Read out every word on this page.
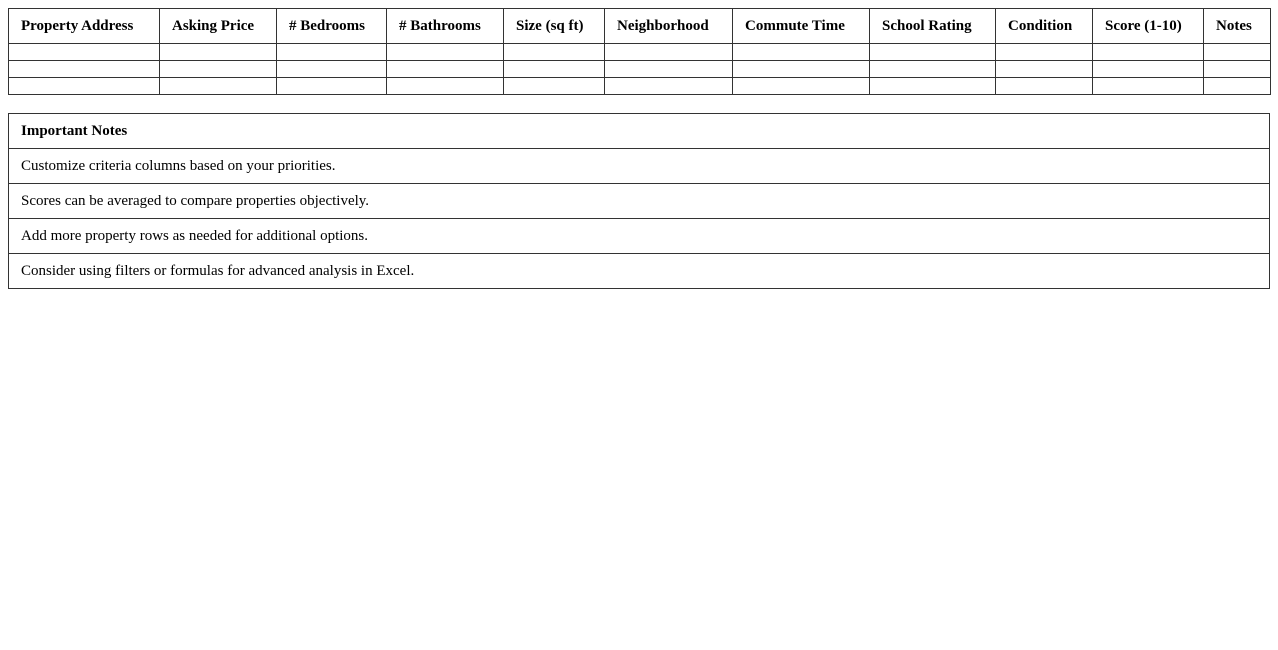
Property Address	Asking Price	# Bedrooms	# Bathrooms	Size (sq ft)	Neighborhood	Commute Time	School Rating	Condition	Score (1-10)	Notes

Important Notes
Customize criteria columns based on your priorities.
Scores can be averaged to compare properties objectively.
Add more property rows as needed for additional options.
Consider using filters or formulas for advanced analysis in Excel.
